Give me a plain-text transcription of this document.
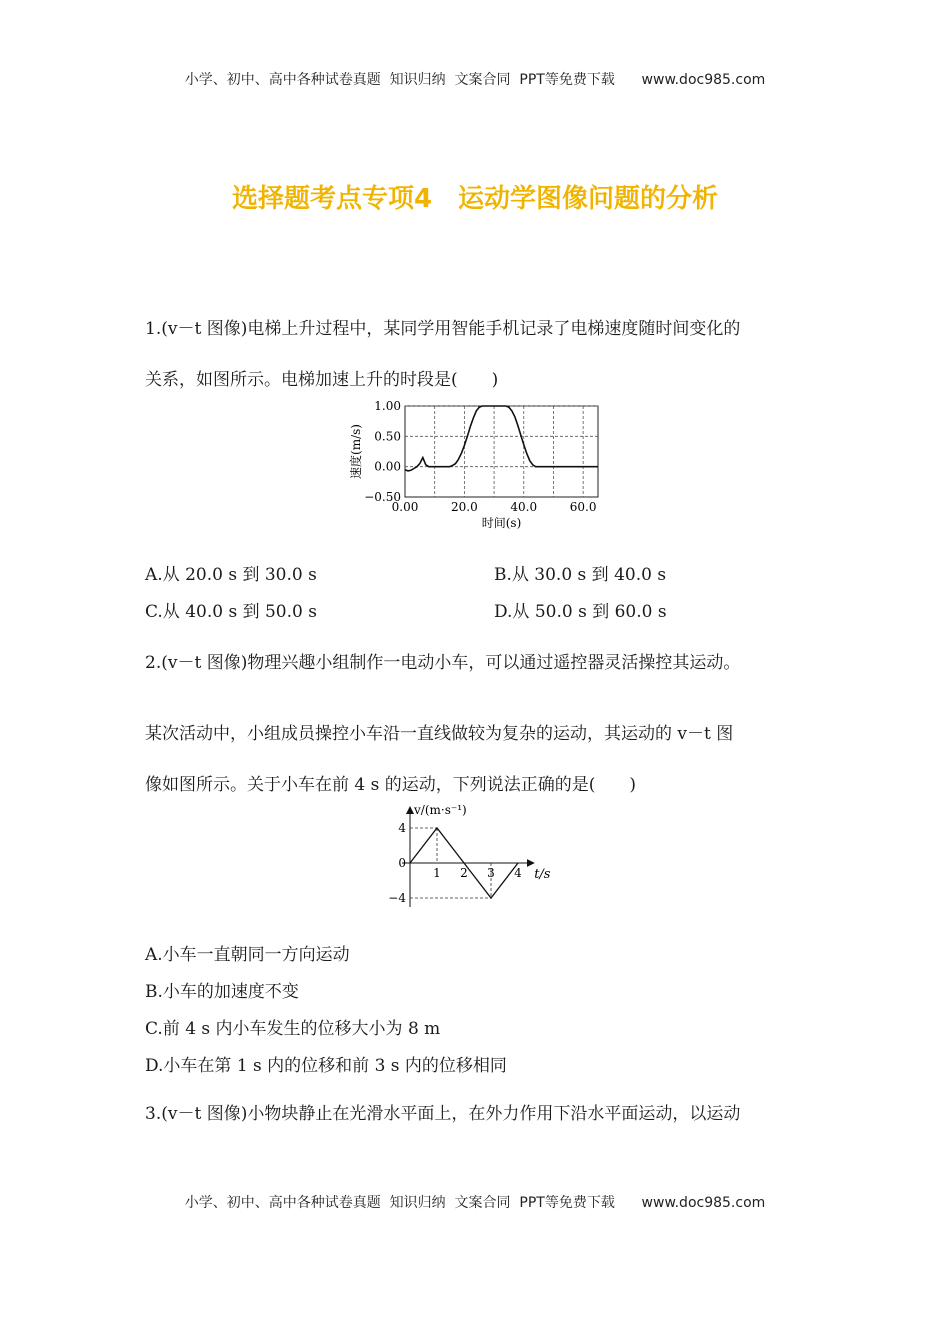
小学、初中、高中各种试卷真题  知识归纳  文案合同  PPT等免费下载      www.doc985.com
选择题考点专项4　运动学图像问题的分析
1.(v－t 图像)电梯上升过程中，某同学用智能手机记录了电梯速度随时间变化的
关系，如图所示。电梯加速上升的时段是(　　)
0.00	20.0	40.0	60.0
1.00
0.50
0.00
−0.50
时间(s)
速度(m/s)
A.从 20.0 s 到 30.0 s	B.从 30.0 s 到 40.0 s
C.从 40.0 s 到 50.0 s	D.从 50.0 s 到 60.0 s
2.(v－t 图像)物理兴趣小组制作一电动小车，可以通过遥控器灵活操控其运动。
某次活动中，小组成员操控小车沿一直线做较为复杂的运动，其运动的 v－t 图
像如图所示。关于小车在前 4 s 的运动，下列说法正确的是(　　)
1 2 3 4
4
0
−4
t/s
v/(m·s⁻¹)
A.小车一直朝同一方向运动
B.小车的加速度不变
C.前 4 s 内小车发生的位移大小为 8 m
D.小车在第 1 s 内的位移和前 3 s 内的位移相同
3.(v－t 图像)小物块静止在光滑水平面上，在外力作用下沿水平面运动，以运动
小学、初中、高中各种试卷真题  知识归纳  文案合同  PPT等免费下载      www.doc985.com
